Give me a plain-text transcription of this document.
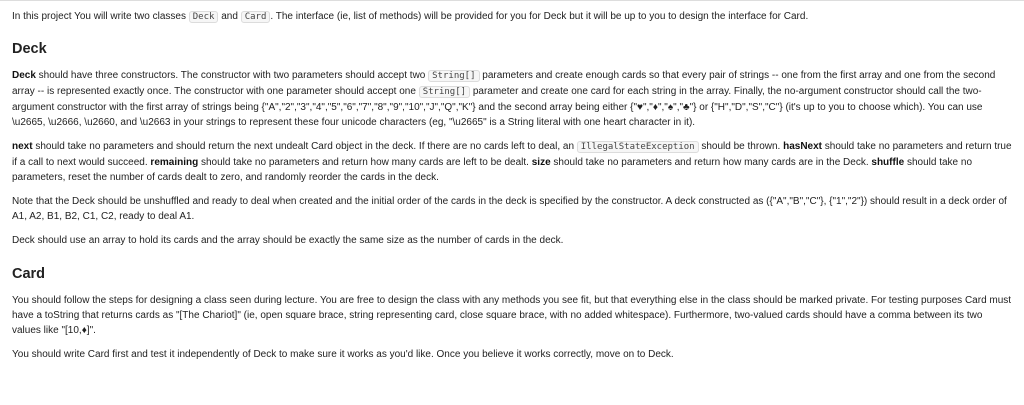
In this project You will write two classes Deck and Card . The interface (ie, list of methods) will be provided for you for Deck but it will be up to you to design the interface for Card.

Deck

Deck should have three constructors. The constructor with two parameters should accept two String[] parameters and create enough cards so that every pair of strings -- one from the first array and one from the second array -- is represented exactly once. The constructor with one parameter should accept one String[] parameter and create one card for each string in the array. Finally, the no-argument constructor should call the two-argument constructor with the first array of strings being {"A","2","3","4","5","6","7","8","9","10","J","Q","K"} and the second array being either {"♥","♦","♠","♣"} or {"H","D","S","C"} (it's up to you to choose which). You can use \u2665, \u2666, \u2660, and \u2663 in your strings to represent these four unicode characters (eg, "\u2665" is a String literal with one heart character in it).

next should take no parameters and should return the next undealt Card object in the deck. If there are no cards left to deal, an IllegalStateException should be thrown. hasNext should take no parameters and return true if a call to next would succeed. remaining should take no parameters and return how many cards are left to be dealt. size should take no parameters and return how many cards are in the Deck. shuffle should take no parameters, reset the number of cards dealt to zero, and randomly reorder the cards in the deck.

Note that the Deck should be unshuffled and ready to deal when created and the initial order of the cards in the deck is specified by the constructor. A deck constructed as ({"A","B","C"}, {"1","2"}) should result in a deck order of A1, A2, B1, B2, C1, C2, ready to deal A1.

Deck should use an array to hold its cards and the array should be exactly the same size as the number of cards in the deck.

Card

You should follow the steps for designing a class seen during lecture. You are free to design the class with any methods you see fit, but that everything else in the class should be marked private. For testing purposes Card must have a toString that returns cards as "[The Chariot]" (ie, open square brace, string representing card, close square brace, with no added whitespace). Furthermore, two-valued cards should have a comma between its two values like "[10,♦]".

You should write Card first and test it independently of Deck to make sure it works as you'd like. Once you believe it works correctly, move on to Deck.
